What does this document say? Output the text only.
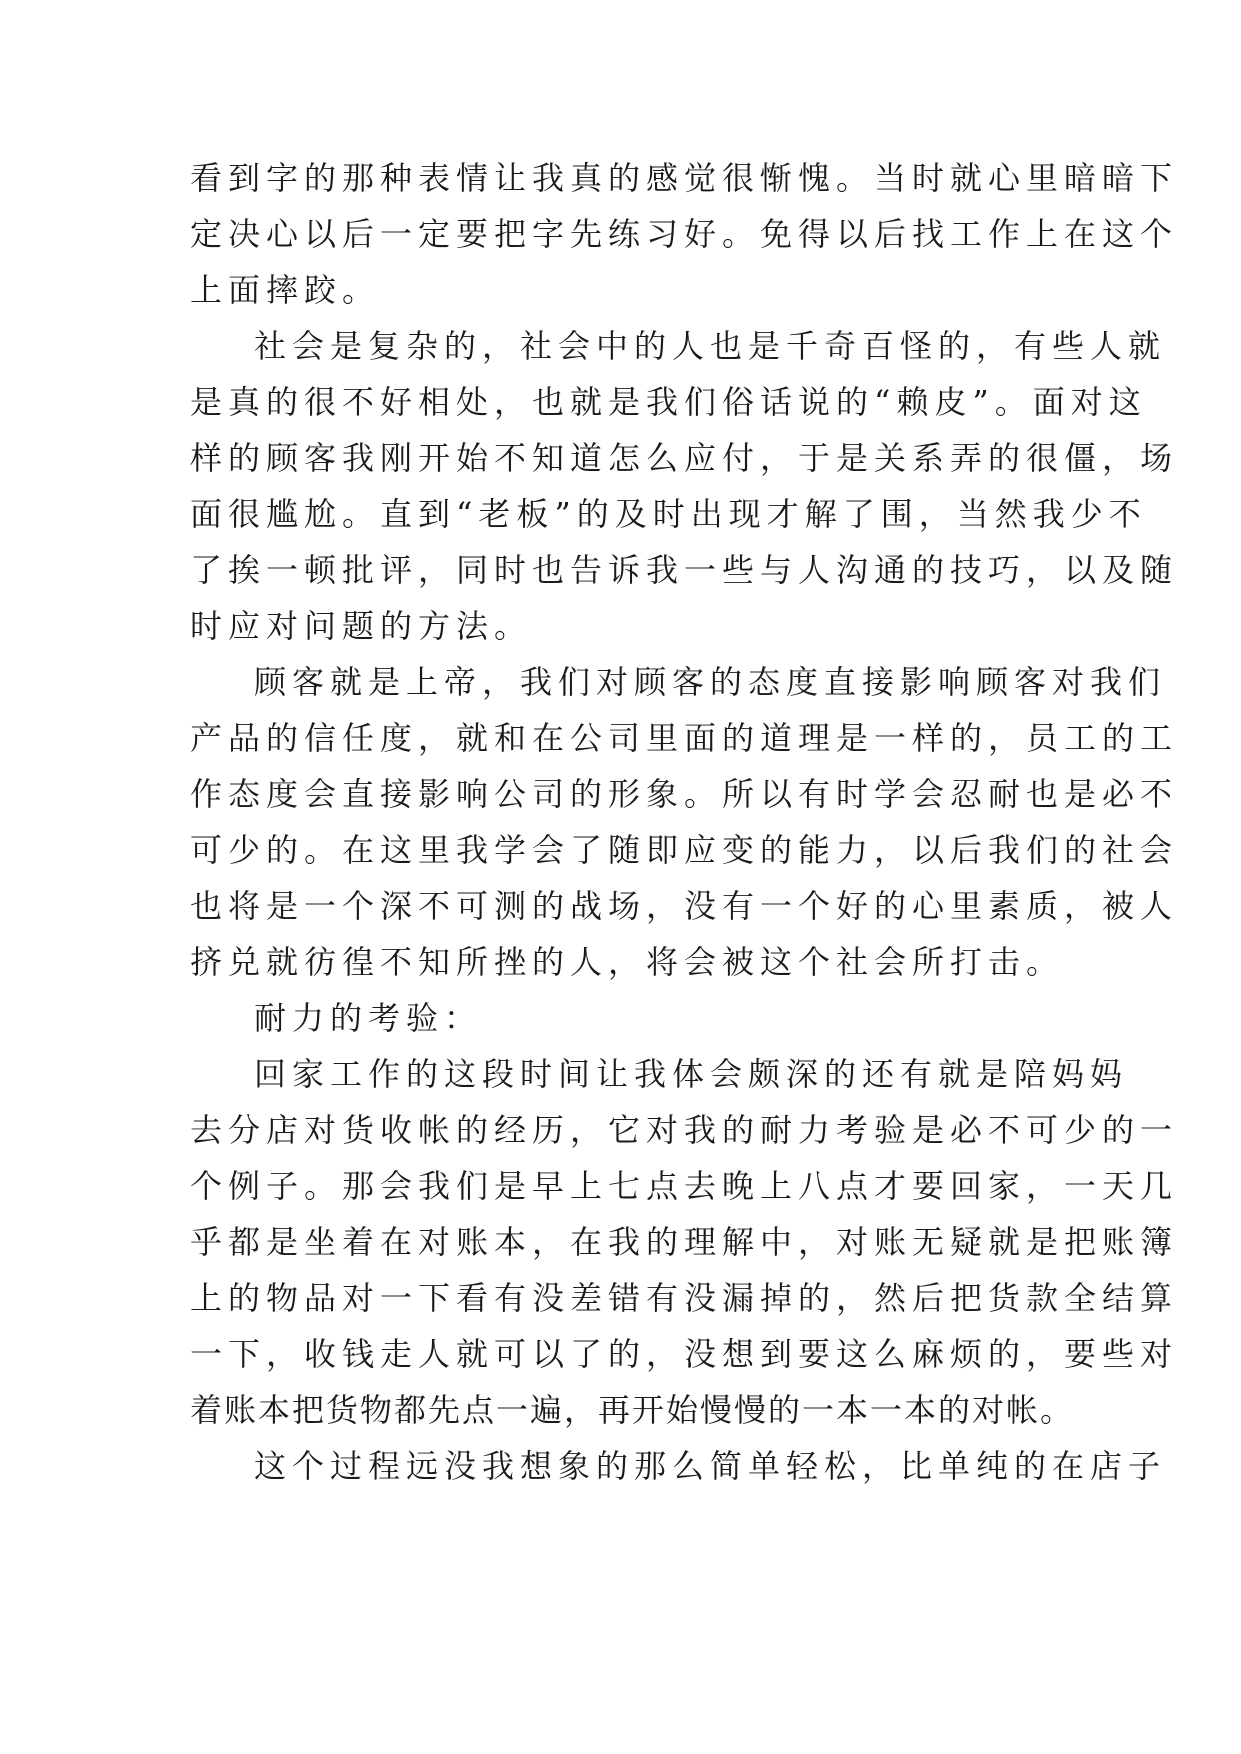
看到字的那种表情让我真的感觉很惭愧。当时就心里暗暗下
定决心以后一定要把字先练习好。免得以后找工作上在这个
上面摔跤。
社会是复杂的，社会中的人也是千奇百怪的，有些人就
是真的很不好相处，也就是我们俗话说的“赖皮”。面对这
样的顾客我刚开始不知道怎么应付，于是关系弄的很僵，场
面很尴尬。直到“老板”的及时出现才解了围，当然我少不
了挨一顿批评，同时也告诉我一些与人沟通的技巧，以及随
时应对问题的方法。
顾客就是上帝，我们对顾客的态度直接影响顾客对我们
产品的信任度，就和在公司里面的道理是一样的，员工的工
作态度会直接影响公司的形象。所以有时学会忍耐也是必不
可少的。在这里我学会了随即应变的能力，以后我们的社会
也将是一个深不可测的战场，没有一个好的心里素质，被人
挤兑就彷徨不知所挫的人，将会被这个社会所打击。
耐力的考验：
回家工作的这段时间让我体会颇深的还有就是陪妈妈
去分店对货收帐的经历，它对我的耐力考验是必不可少的一
个例子。那会我们是早上七点去晚上八点才要回家，一天几
乎都是坐着在对账本，在我的理解中，对账无疑就是把账簿
上的物品对一下看有没差错有没漏掉的，然后把货款全结算
一下，收钱走人就可以了的，没想到要这么麻烦的，要些对
着账本把货物都先点一遍，再开始慢慢的一本一本的对帐。
这个过程远没我想象的那么简单轻松，比单纯的在店子
